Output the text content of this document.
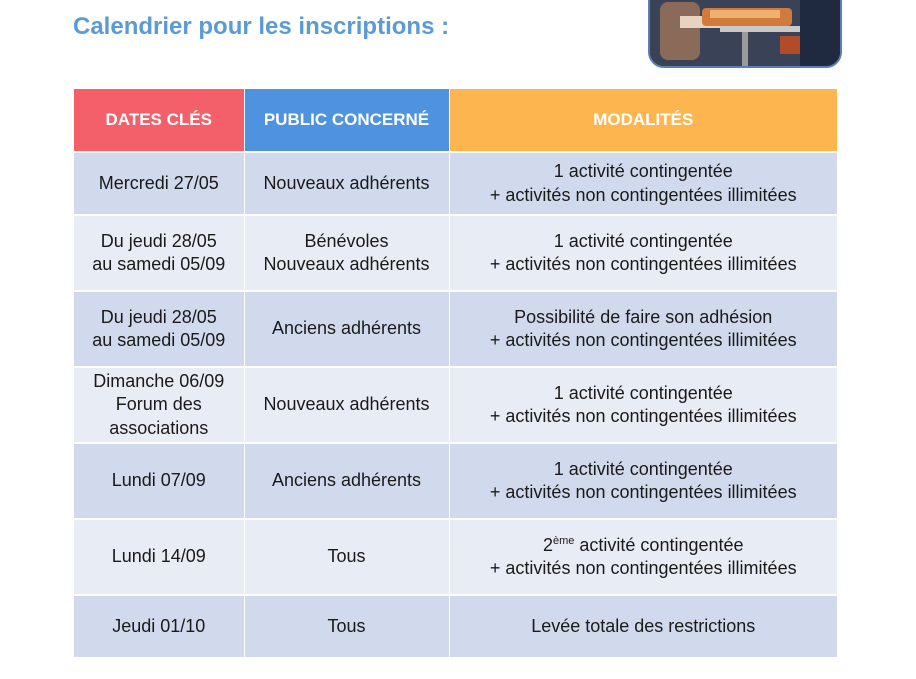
Calendrier pour les inscriptions :
DATES CLÉS	PUBLIC CONCERNÉ	MODALITÉS

Mercredi 27/05	Nouveaux adhérents	1 activité contingentée
+ activités non contingentées illimitées

Du jeudi 28/05
au samedi 05/09	Bénévoles
Nouveaux adhérents	1 activité contingentée
+ activités non contingentées illimitées

Du jeudi 28/05
au samedi 05/09	Anciens adhérents	Possibilité de faire son adhésion
+ activités non contingentées illimitées

Dimanche 06/09
Forum des
associations	Nouveaux adhérents	1 activité contingentée
+ activités non contingentées illimitées

Lundi 07/09	Anciens adhérents	1 activité contingentée
+ activités non contingentées illimitées

Lundi 14/09	Tous	2ème activité contingentée
+ activités non contingentées illimitées

Jeudi 01/10	Tous	Levée totale des restrictions
